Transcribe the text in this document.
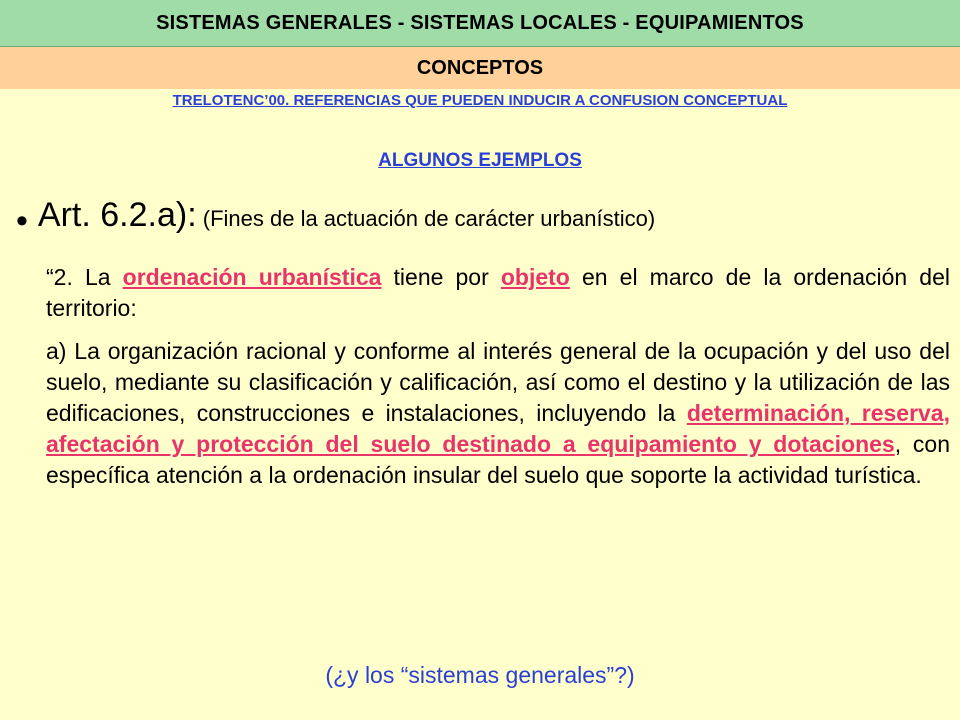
SISTEMAS GENERALES - SISTEMAS LOCALES - EQUIPAMIENTOS
CONCEPTOS
TRELOTENC’00. REFERENCIAS QUE PUEDEN INDUCIR A CONFUSION CONCEPTUAL
ALGUNOS EJEMPLOS
• Art. 6.2.a): (Fines de la actuación de carácter urbanístico)

“2. La ordenación urbanística tiene por objeto en el marco de la ordenación del territorio:

a) La organización racional y conforme al interés general de la ocupación y del uso del suelo, mediante su clasificación y calificación, así como el destino y la utilización de las edificaciones, construcciones e instalaciones, incluyendo la determinación, reserva, afectación y protección del suelo destinado a equipamiento y dotaciones, con específica atención a la ordenación insular del suelo que soporte la actividad turística.

(¿y los “sistemas generales”?)
